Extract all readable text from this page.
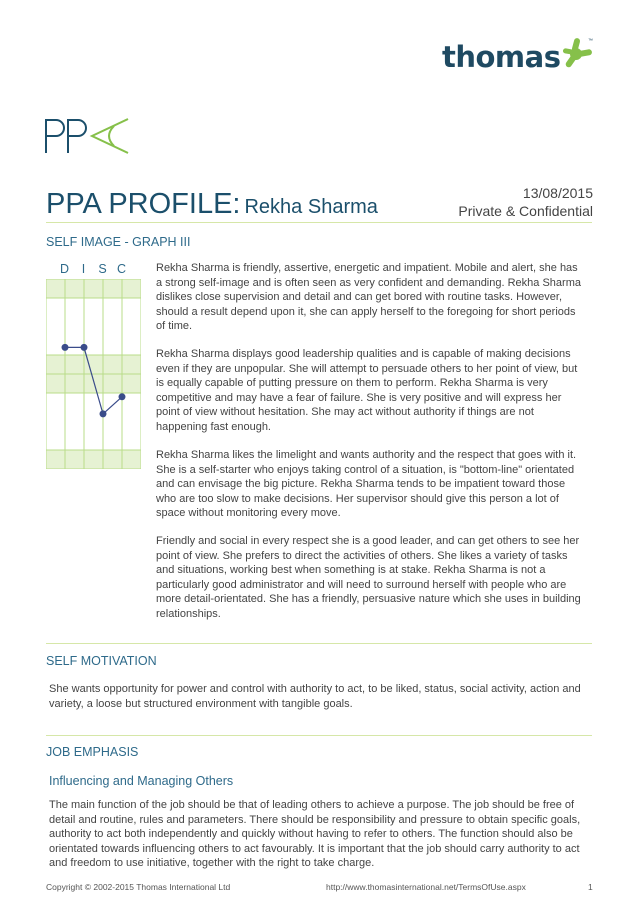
thomas	™
PPA PROFILE: Rekha Sharma
13/08/2015
Private & Confidential
SELF IMAGE - GRAPH III
D	I	S C	Rekha Sharma is friendly, assertive, energetic and impatient. Mobile and alert, she has a strong self-image and is often seen as very confident and demanding. Rekha Sharma dislikes close supervision and detail and can get bored with routine tasks. However, should a result depend upon it, she can apply herself to the foregoing for short periods of time.
Rekha Sharma displays good leadership qualities and is capable of making decisions even if they are unpopular. She will attempt to persuade others to her point of view, but is equally capable of putting pressure on them to perform. Rekha Sharma is very competitive and may have a fear of failure. She is very positive and will express her point of view without hesitation. She may act without authority if things are not happening fast enough.
Rekha Sharma likes the limelight and wants authority and the respect that goes with it. She is a self-starter who enjoys taking control of a situation, is "bottom-line" orientated and can envisage the big picture. Rekha Sharma tends to be impatient toward those who are too slow to make decisions. Her supervisor should give this person a lot of space without monitoring every move.
Friendly and social in every respect she is a good leader, and can get others to see her point of view. She prefers to direct the activities of others. She likes a variety of tasks and situations, working best when something is at stake. Rekha Sharma is not a particularly good administrator and will need to surround herself with people who are more detail-orientated. She has a friendly, persuasive nature which she uses in building relationships.
SELF MOTIVATION
She wants opportunity for power and control with authority to act, to be liked, status, social activity, action and variety, a loose but structured environment with tangible goals.
JOB EMPHASIS
Influencing and Managing Others
The main function of the job should be that of leading others to achieve a purpose. The job should be free of detail and routine, rules and parameters. There should be responsibility and pressure to obtain specific goals, authority to act both independently and quickly without having to refer to others. The function should also be orientated towards influencing others to act favourably. It is important that the job should carry authority to act and freedom to use initiative, together with the right to take charge.
Copyright © 2002-2015 Thomas International Ltd	http://www.thomasinternational.net/TermsOfUse.aspx	1
